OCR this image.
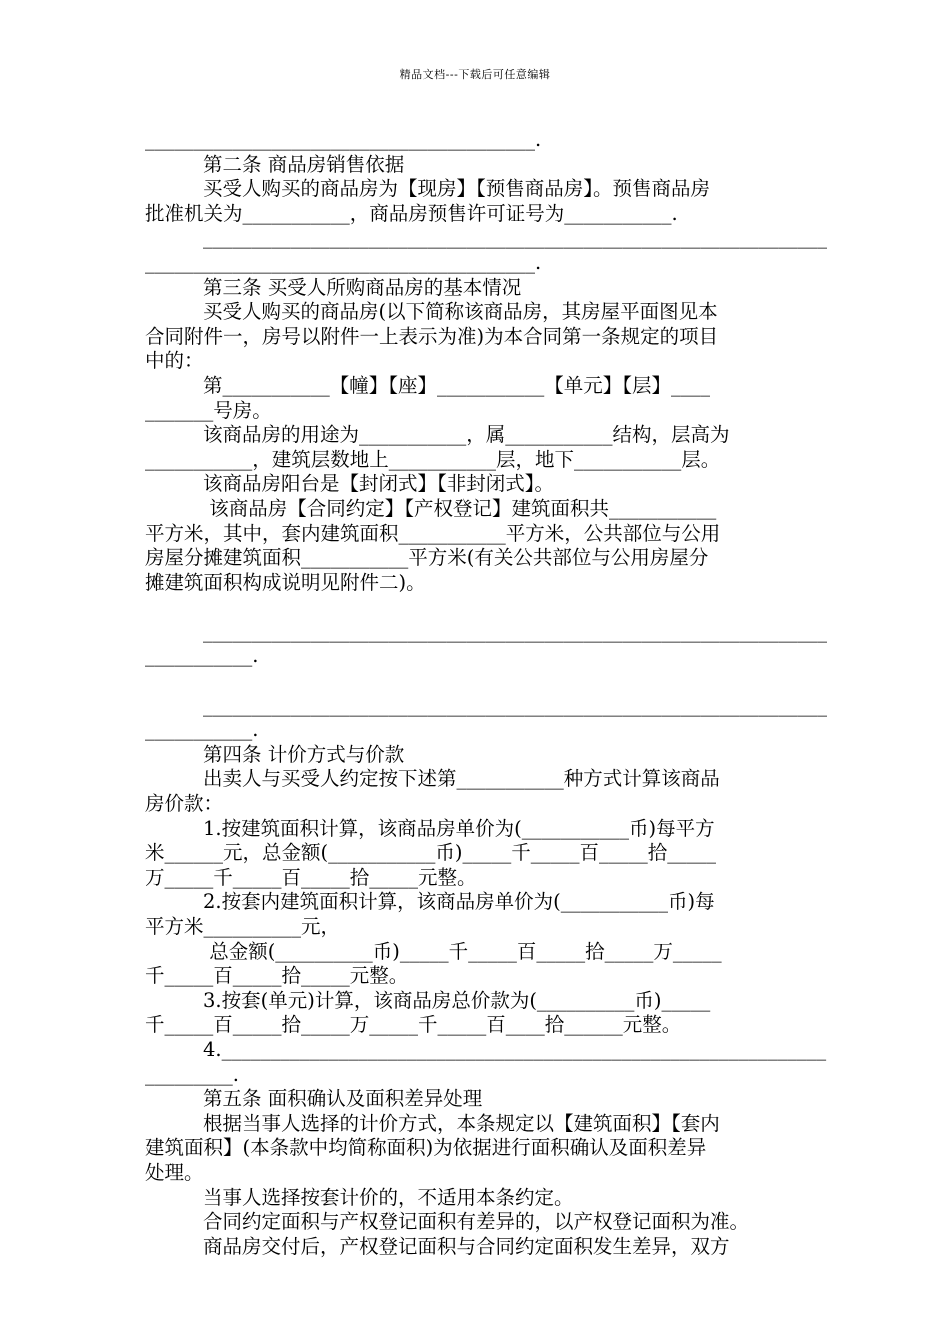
精品文档---下载后可任意编辑
________________________________________.
第二条 商品房销售依据
买受人购买的商品房为【现房】【预售商品房】。预售商品房
批准机关为___________，商品房预售许可证号为___________.
________________________________________________________________
________________________________________.
第三条 买受人所购商品房的基本情况
买受人购买的商品房(以下简称该商品房，其房屋平面图见本
合同附件一，房号以附件一上表示为准)为本合同第一条规定的项目
中的：
第___________【幢】【座】___________【单元】【层】____
_______号房。
该商品房的用途为___________，属___________结构，层高为
___________，建筑层数地上___________层，地下___________层。
该商品房阳台是【封闭式】【非封闭式】。
该商品房【合同约定】【产权登记】建筑面积共___________
平方米，其中，套内建筑面积___________平方米，公共部位与公用
房屋分摊建筑面积___________平方米(有关公共部位与公用房屋分
摊建筑面积构成说明见附件二)。
________________________________________________________________
___________.
________________________________________________________________
___________.
第四条 计价方式与价款
出卖人与买受人约定按下述第___________种方式计算该商品
房价款：
1.按建筑面积计算，该商品房单价为(___________币)每平方
米______元，总金额(___________币)_____千_____百_____拾_____
万_____千_____百_____拾_____元整。
2.按套内建筑面积计算，该商品房单价为(___________币)每
平方米__________元，
总金额(__________币)_____千_____百_____拾_____万_____
千_____百_____拾_____元整。
3.按套(单元)计算，该商品房总价款为(__________币)_____
千_____百_____拾_____万_____千_____百____拾______元整。
4.______________________________________________________________
_________.
第五条 面积确认及面积差异处理
根据当事人选择的计价方式，本条规定以【建筑面积】【套内
建筑面积】(本条款中均简称面积)为依据进行面积确认及面积差异
处理。
当事人选择按套计价的，不适用本条约定。
合同约定面积与产权登记面积有差异的，以产权登记面积为准。
商品房交付后，产权登记面积与合同约定面积发生差异，双方
